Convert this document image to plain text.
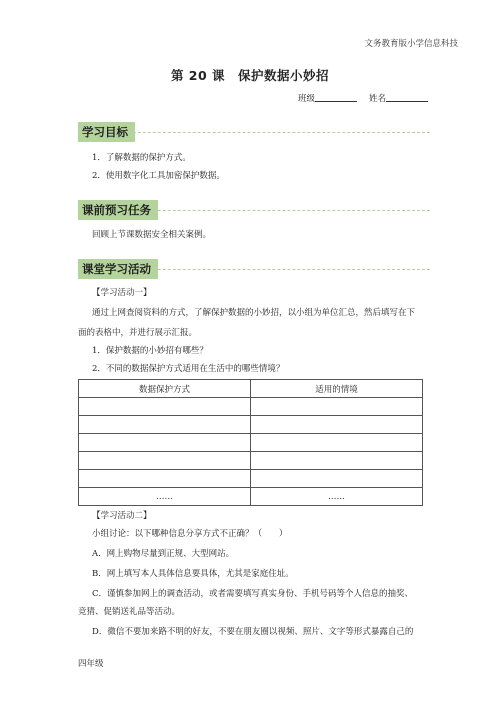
文务教育版小学信息科技
第 20 课　保护数据小妙招
班级	姓名
学习目标
1．了解数据的保护方式。
2．使用数字化工具加密保护数据。
课前预习任务
回顾上节课数据安全相关案例。
课堂学习活动
【学习活动一】
通过上网查阅资料的方式，了解保护数据的小妙招，以小组为单位汇总，然后填写在下
面的表格中，并进行展示汇报。
1．保护数据的小妙招有哪些？
2．不同的数据保护方式适用在生活中的哪些情境？
数据保护方式	适用的情境

……	……
【学习活动二】
小组讨论：以下哪种信息分享方式不正确？（　　）
A．网上购物尽量到正规、大型网站。
B．网上填写本人具体信息要具体，尤其是家庭住址。
C．谨慎参加网上的调查活动，或者需要填写真实身份、手机号码等个人信息的抽奖、
竞猜、促销送礼品等活动。
D．微信不要加来路不明的好友，不要在朋友圈以视频、照片、文字等形式暴露自己的
四年级
